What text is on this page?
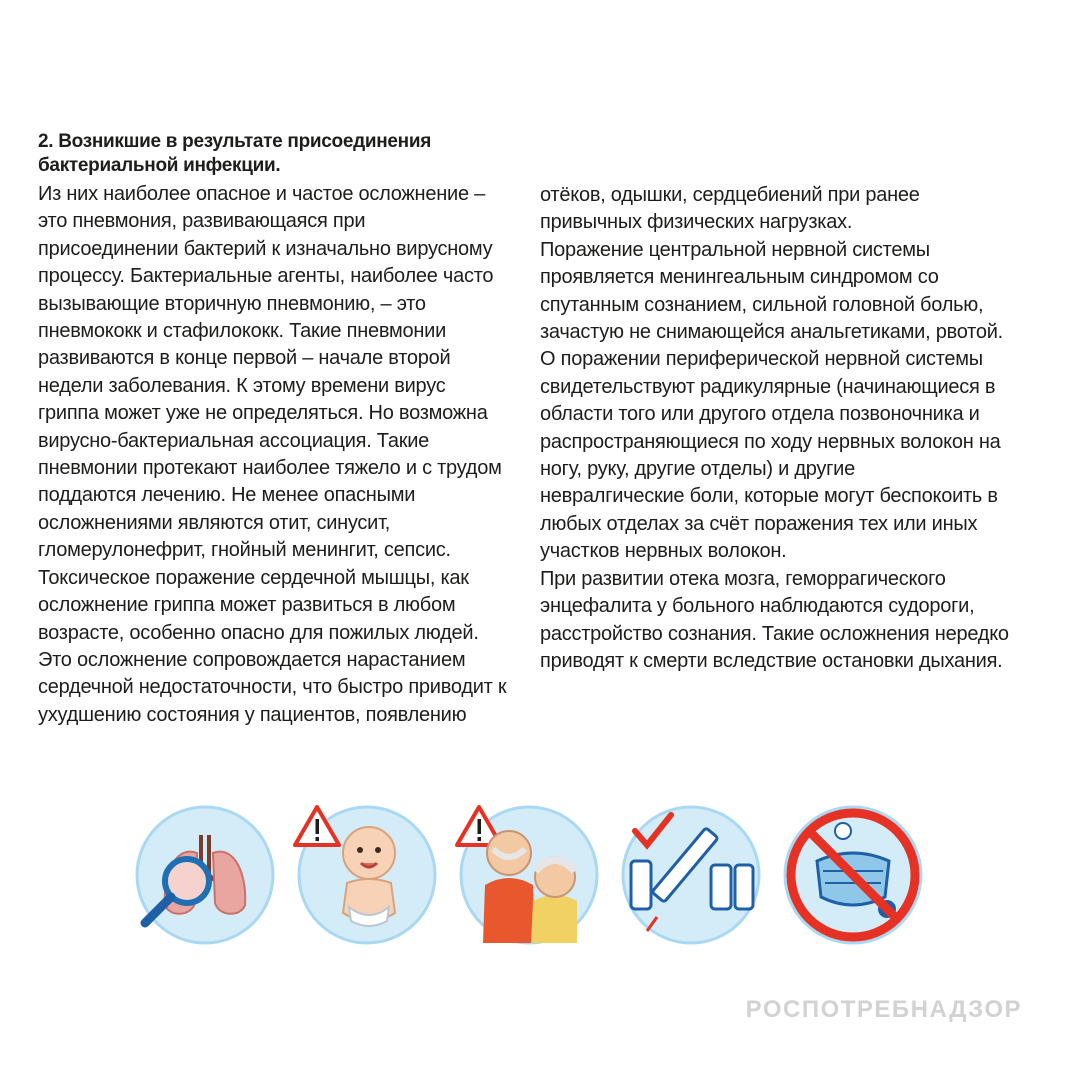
2. Возникшие в результате присоединения
бактериальной инфекции.
Из них наиболее опасное и частое осложнение –
это пневмония, развивающаяся при
присоединении бактерий к изначально вирусному
процессу. Бактериальные агенты, наиболее часто
вызывающие вторичную пневмонию, – это
пневмококк и стафилококк. Такие пневмонии
развиваются в конце первой – начале второй
недели заболевания. К этому времени вирус
гриппа может уже не определяться. Но возможна
вирусно-бактериальная ассоциация. Такие
пневмонии протекают наиболее тяжело и с трудом
поддаются лечению. Не менее опасными
осложнениями являются отит, синусит,
гломерулонефрит, гнойный менингит, сепсис.
Токсическое поражение сердечной мышцы, как
осложнение гриппа может развиться в любом
возрасте, особенно опасно для пожилых людей.
Это осложнение сопровождается нарастанием
сердечной недостаточности, что быстро приводит к
ухудшению состояния у пациентов, появлению
отёков, одышки, сердцебиений при ранее
привычных физических нагрузках.
Поражение центральной нервной системы
проявляется менингеальным синдромом со
спутанным сознанием, сильной головной болью,
зачастую не снимающейся анальгетиками, рвотой.
О поражении периферической нервной системы
свидетельствуют радикулярные (начинающиеся в
области того или другого отдела позвоночника и
распространяющиеся по ходу нервных волокон на
ногу, руку, другие отделы) и другие
невралгические боли, которые могут беспокоить в
любых отделах за счёт поражения тех или иных
участков нервных волокон.
При развитии отека мозга, геморрагического
энцефалита у больного наблюдаются судороги,
расстройство сознания. Такие осложнения нередко
приводят к смерти вследствие остановки дыхания.
РОСПОТРЕБНАДЗОР
